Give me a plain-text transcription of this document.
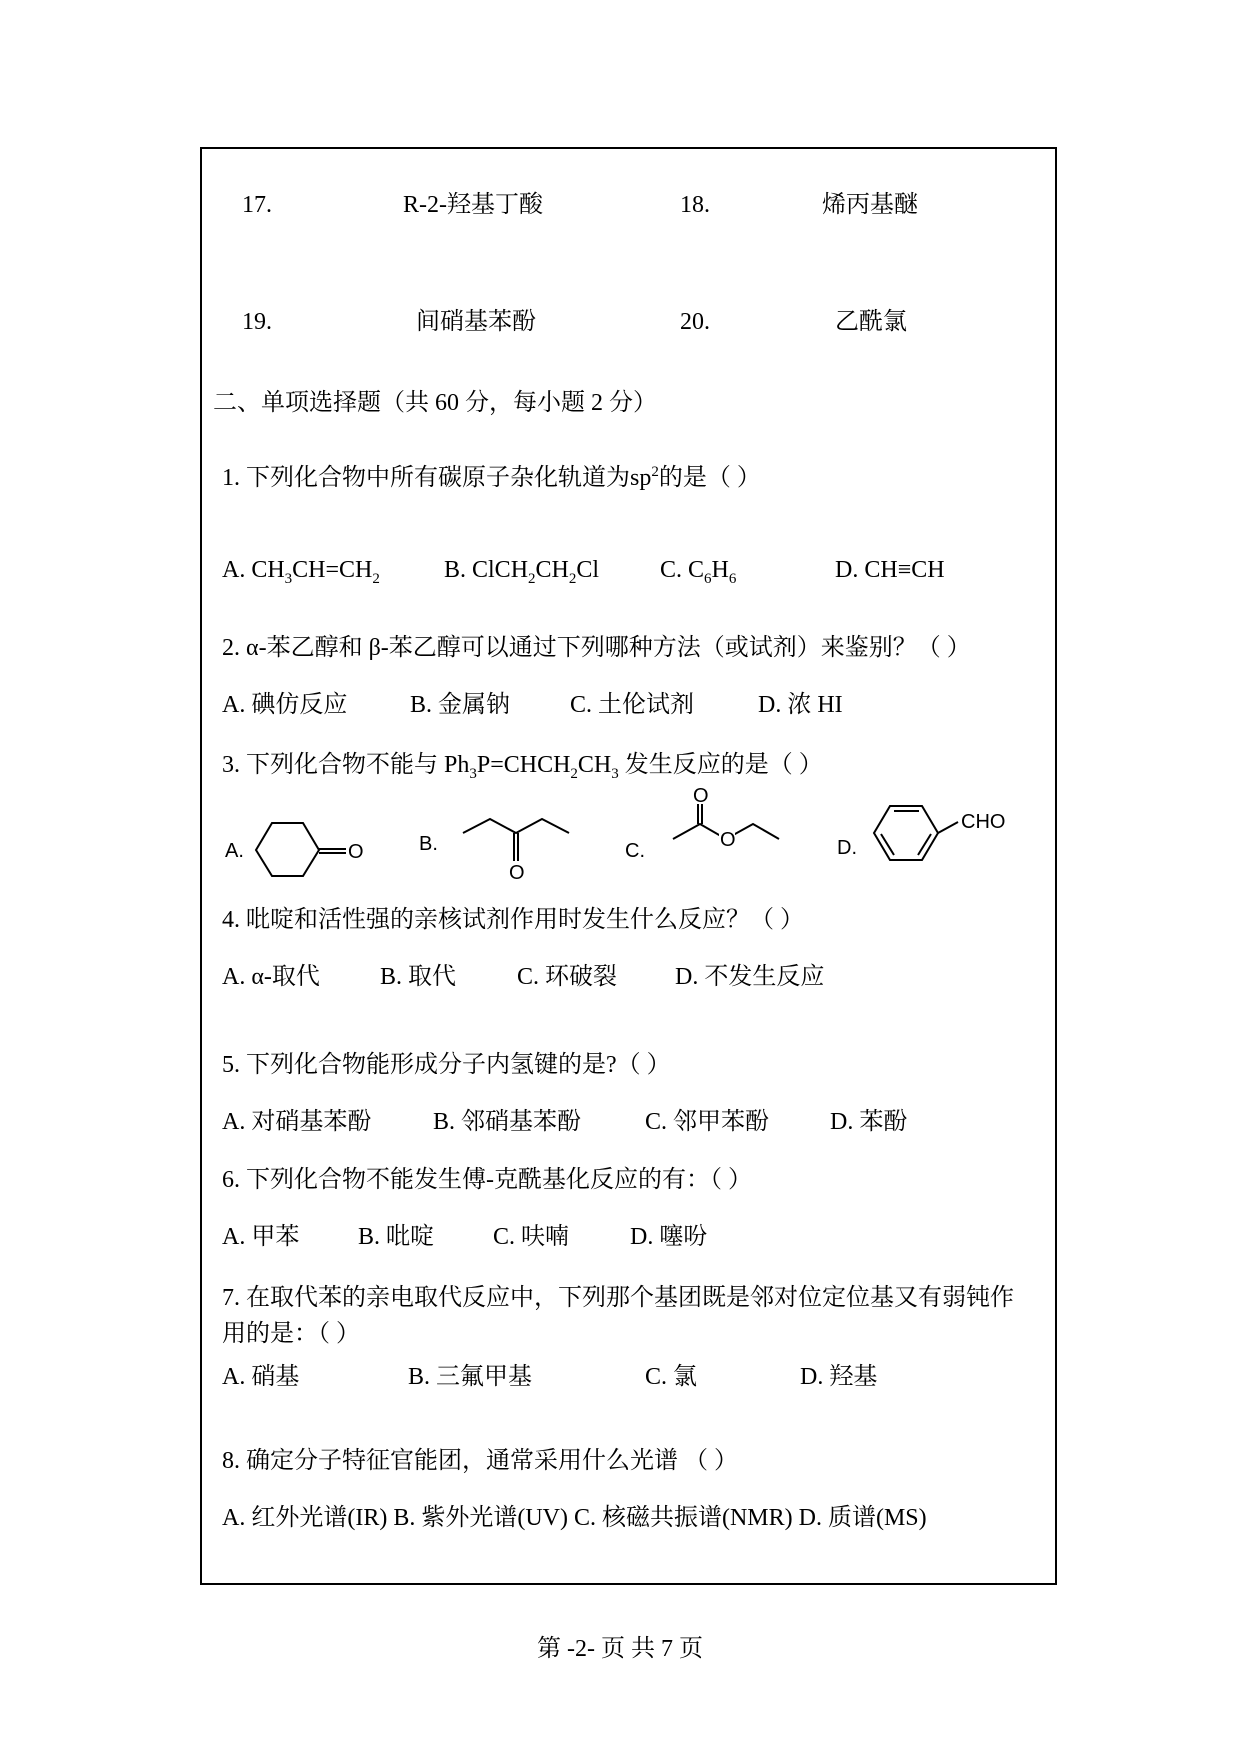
17.	R-2-羟基丁酸	18.	烯丙基醚
19.	间硝基苯酚	20.	乙酰氯
二、单项选择题（共 60 分，每小题 2 分）
1. 下列化合物中所有碳原子杂化轨道为$sp^2$的是（ ）
A. $CH_3CH=CH_2$	B. $ClCH_2CH_2Cl$	C. $C_6H_6$	D. CH≡CH
2. α-苯乙醇和 β-苯乙醇可以通过下列哪种方法（或试剂）来鉴别？（ ）
A. 碘仿反应	B. 金属钠 C. 土伦试剂	D. 浓 HI
3. 下列化合物不能与 $Ph_3P=CHCH_2CH_3$ 发生反应的是（ ）
A.	O	B.
O
C.
O
O	D.
CHO
4. 吡啶和活性强的亲核试剂作用时发生什么反应？（ ）
A. α-取代	B. 取代	C. 环破裂 D. 不发生反应
5. 下列化合物能形成分子内氢键的是?（ ）
A. 对硝基苯酚	B. 邻硝基苯酚	C. 邻甲苯酚	D. 苯酚
6. 下列化合物不能发生傅-克酰基化反应的有：（ ）
A. 甲苯 B. 吡啶 C. 呋喃	D. 噻吩
7. 在取代苯的亲电取代反应中，下列那个基团既是邻对位定位基又有弱钝作用的是：（ ）
A. 硝基	B. 三氟甲基	C. 氯	D. 羟基
8. 确定分子特征官能团，通常采用什么光谱 （ ）
A. 红外光谱(IR) B. 紫外光谱(UV) C. 核磁共振谱(NMR) D. 质谱(MS)
第 -2- 页 共 7 页
